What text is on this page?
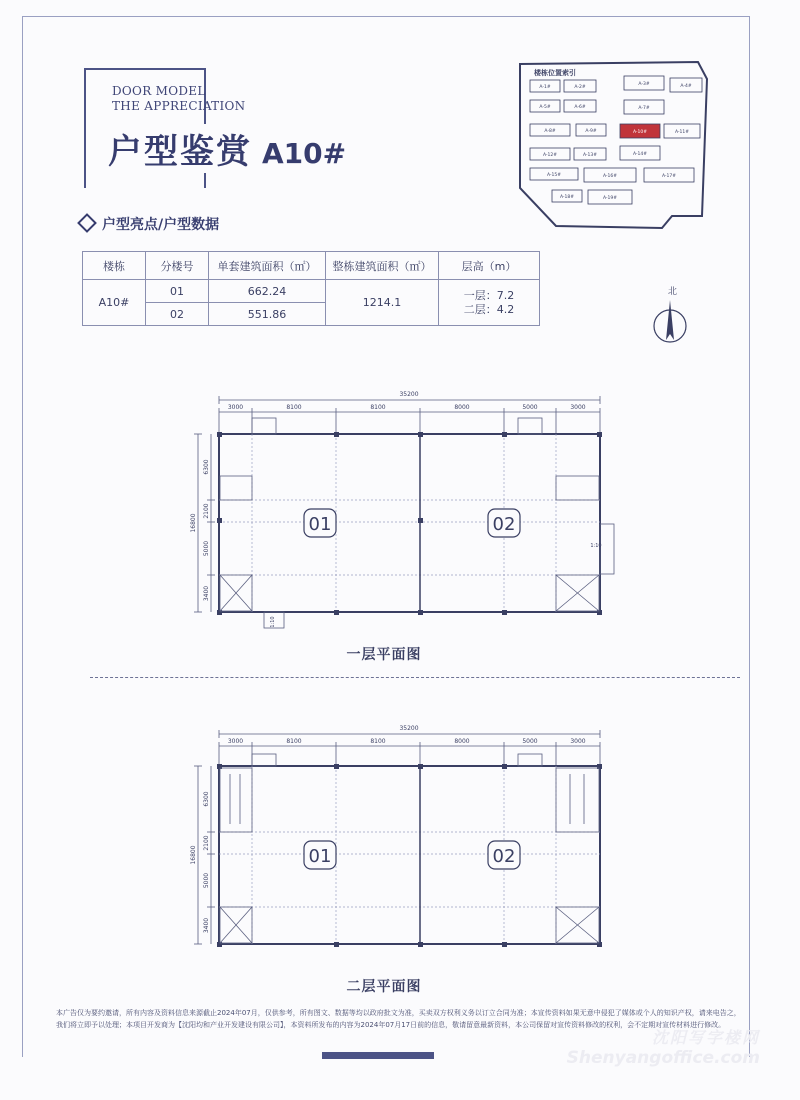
DOOR MODEL
THE APPRECIATION
户型鉴赏 A10#
楼栋位置索引
A-1#	A-2#
A-3#	A-4#
A-5#	A-6#	A-7#
A-8#	A-9#	A-10#	A-11#
A-12#	A-13#	A-14#
A-15#	A-16#	A-17#
A-18#	A-19#
北
户型亮点/户型数据
楼栋	分楼号	单套建筑面积（㎡）	整栋建筑面积（㎡）	层高（m）
A10#	01	662.24	1214.1	一层：7.2
二层：4.2

	02	551.86		
35200
3000	8100	8100	8000	5000	3000
16800
6300
2100
5000
3400
01	02
1:10
1:10
一层平面图
35200
3000	8100	8100	8000	5000	3000
16800
6300
2100
5000
3400
01	02
二层平面图
本广告仅为要约邀请，所有内容及资料信息来源截止2024年07月，仅供参考，所有图文、数据等均以政府批文为准，买卖双方权利义务以订立合同为准；本宣传资料如果无意中侵犯了媒体或个人的知识产权，请来电告之，我们将立即予以处理；本项目开发商为【沈阳均和产业开发建设有限公司】，本资料所发布的内容为2024年07月17日前的信息，敬请留意最新资料，本公司保留对宣传资料修改的权利，会不定期对宣传材料进行修改。
沈阳写字楼网
Shenyangoffice.com
